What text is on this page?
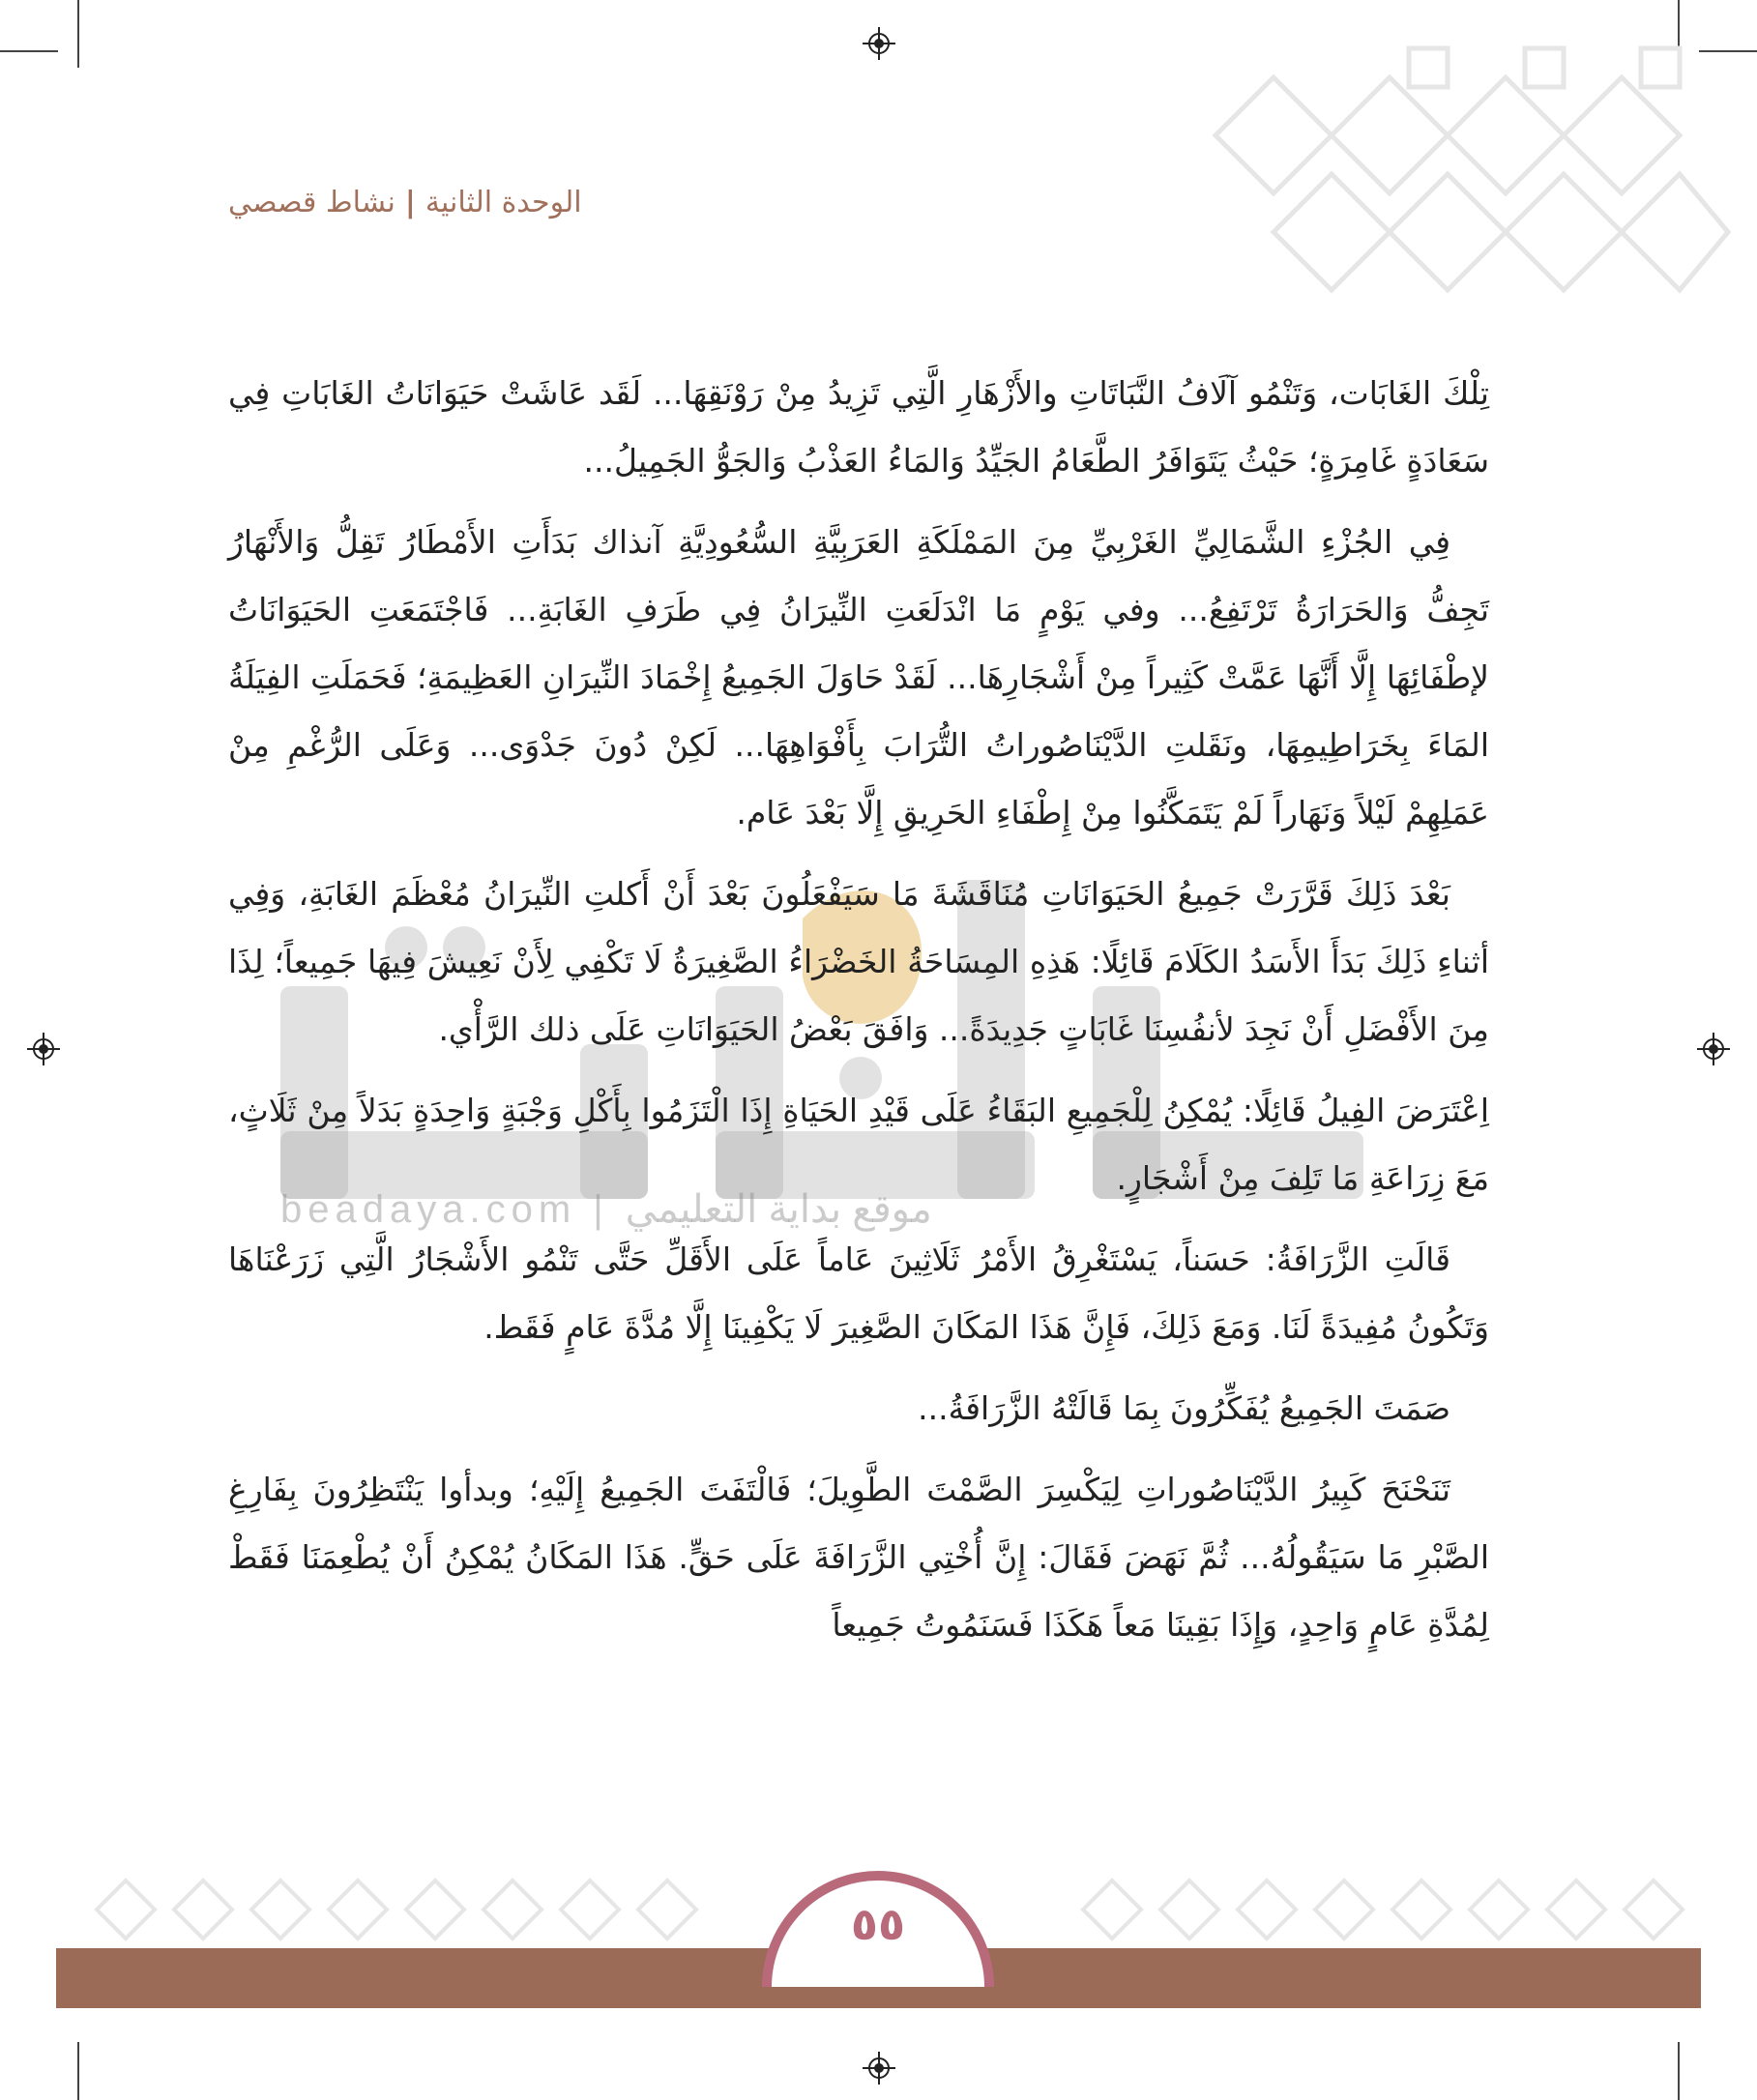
الوحدة الثانية|نشاط قصصي
beadaya.com | موقع بداية التعليمي

تِلْكَ الغَابَات، وَتَنْمُو آلَافُ النَّبَاتَاتِ والأَزْهَارِ الَّتِي تَزِيدُ مِنْ رَوْنَقِهَا... لَقَد عَاشَتْ حَيَوَانَاتُ الغَابَاتِ فِي سَعَادَةٍ غَامِرَةٍ؛ حَيْثُ يَتَوَافَرُ الطَّعَامُ الجَيِّدُ وَالمَاءُ العَذْبُ وَالجَوُّ الجَمِيلُ...

فِي الجُزْءِ الشَّمَالِيِّ الغَرْبِيِّ مِنَ المَمْلَكَةِ العَرَبِيَّةِ السُّعُودِيَّةِ آنذاك بَدَأَتِ الأَمْطَارُ تَقِلُّ وَالأَنْهَارُ تَجِفُّ وَالحَرَارَةُ تَرْتَفِعُ... وفي يَوْمٍ مَا انْدَلَعَتِ النِّيرَانُ فِي طَرَفِ الغَابَةِ... فَاجْتَمَعَتِ الحَيَوَانَاتُ لإطْفَائِهَا إِلَّا أَنَّهَا عَمَّتْ كَثِيراً مِنْ أَشْجَارِهَا... لَقَدْ حَاوَلَ الجَمِيعُ إِخْمَادَ النِّيرَانِ العَظِيمَةِ؛ فَحَمَلَتِ الفِيَلَةُ المَاءَ بِخَرَاطِيمِهَا، ونَقَلتِ الدَّيْنَاصُوراتُ التُّرَابَ بِأَفْوَاهِهَا... لَكِنْ دُونَ جَدْوَى... وَعَلَى الرُّغْمِ مِنْ عَمَلِهِمْ لَيْلاً وَنَهَاراً لَمْ يَتَمَكَّنُوا مِنْ إِطْفَاءِ الحَرِيقِ إِلَّا بَعْدَ عَام.

بَعْدَ ذَلِكَ قَرَّرَتْ جَمِيعُ الحَيَوَانَاتِ مُنَاقَشَةَ مَا سَيَفْعَلُونَ بَعْدَ أَنْ أَكلتِ النِّيرَانُ مُعْظَمَ الغَابَةِ، وَفِي أثناءِ ذَلِكَ بَدَأَ الأَسَدُ الكَلَامَ قَائِلًا: هَذِهِ المِسَاحَةُ الخَضْرَاءُ الصَّغِيرَةُ لَا تَكْفِي لِأَنْ نَعِيشَ فِيهَا جَمِيعاً؛ لِذَا مِنَ الأَفْضَلِ أَنْ نَجِدَ لأنفُسِنَا غَابَاتٍ جَدِيدَةً... وَافَقَ بَعْضُ الحَيَوَانَاتِ عَلَى ذلك الرَّأْي.

اِعْتَرَضَ الفِيلُ قَائِلًا: يُمْكِنُ لِلْجَمِيعِ البَقَاءُ عَلَى قَيْدِ الحَيَاةِ إِذَا الْتَزَمُوا بِأَكْلِ وَجْبَةٍ وَاحِدَةٍ بَدَلاً مِنْ ثَلَاثٍ، مَعَ زِرَاعَةِ مَا تَلِفَ مِنْ أَشْجَارٍ.

قَالَتِ الزَّرَافَةُ: حَسَناً، يَسْتَغْرِقُ الأَمْرُ ثَلَاثِينَ عَاماً عَلَى الأَقَلِّ حَتَّى تَنْمُو الأَشْجَارُ الَّتِي زَرَعْنَاهَا وَتَكُونُ مُفِيدَةً لَنَا. وَمَعَ ذَلِكَ، فَإِنَّ هَذَا المَكَانَ الصَّغِيرَ لَا يَكْفِينَا إِلَّا مُدَّةَ عَامٍ فَقَط.

صَمَتَ الجَمِيعُ يُفَكِّرُونَ بِمَا قَالَتْهُ الزَّرَافَةُ...

تَنَحْنَحَ كَبِيرُ الدَّيْنَاصُوراتِ لِيَكْسِرَ الصَّمْتَ الطَّوِيلَ؛ فَالْتَفَتَ الجَمِيعُ إِلَيْهِ؛ وبدأوا يَنْتَظِرُونَ بِفَارِغِ الصَّبْرِ مَا سَيَقُولُهُ... ثُمَّ نَهَضَ فَقَالَ: إِنَّ أُخْتِي الزَّرَافَةَ عَلَى حَقٍّ. هَذَا المَكَانُ يُمْكِنُ أَنْ يُطْعِمَنَا فَقَطْ لِمُدَّةِ عَامٍ وَاحِدٍ، وَإِذَا بَقِينَا مَعاً هَكَذَا فَسَنَمُوتُ جَمِيعاً

٥٥
